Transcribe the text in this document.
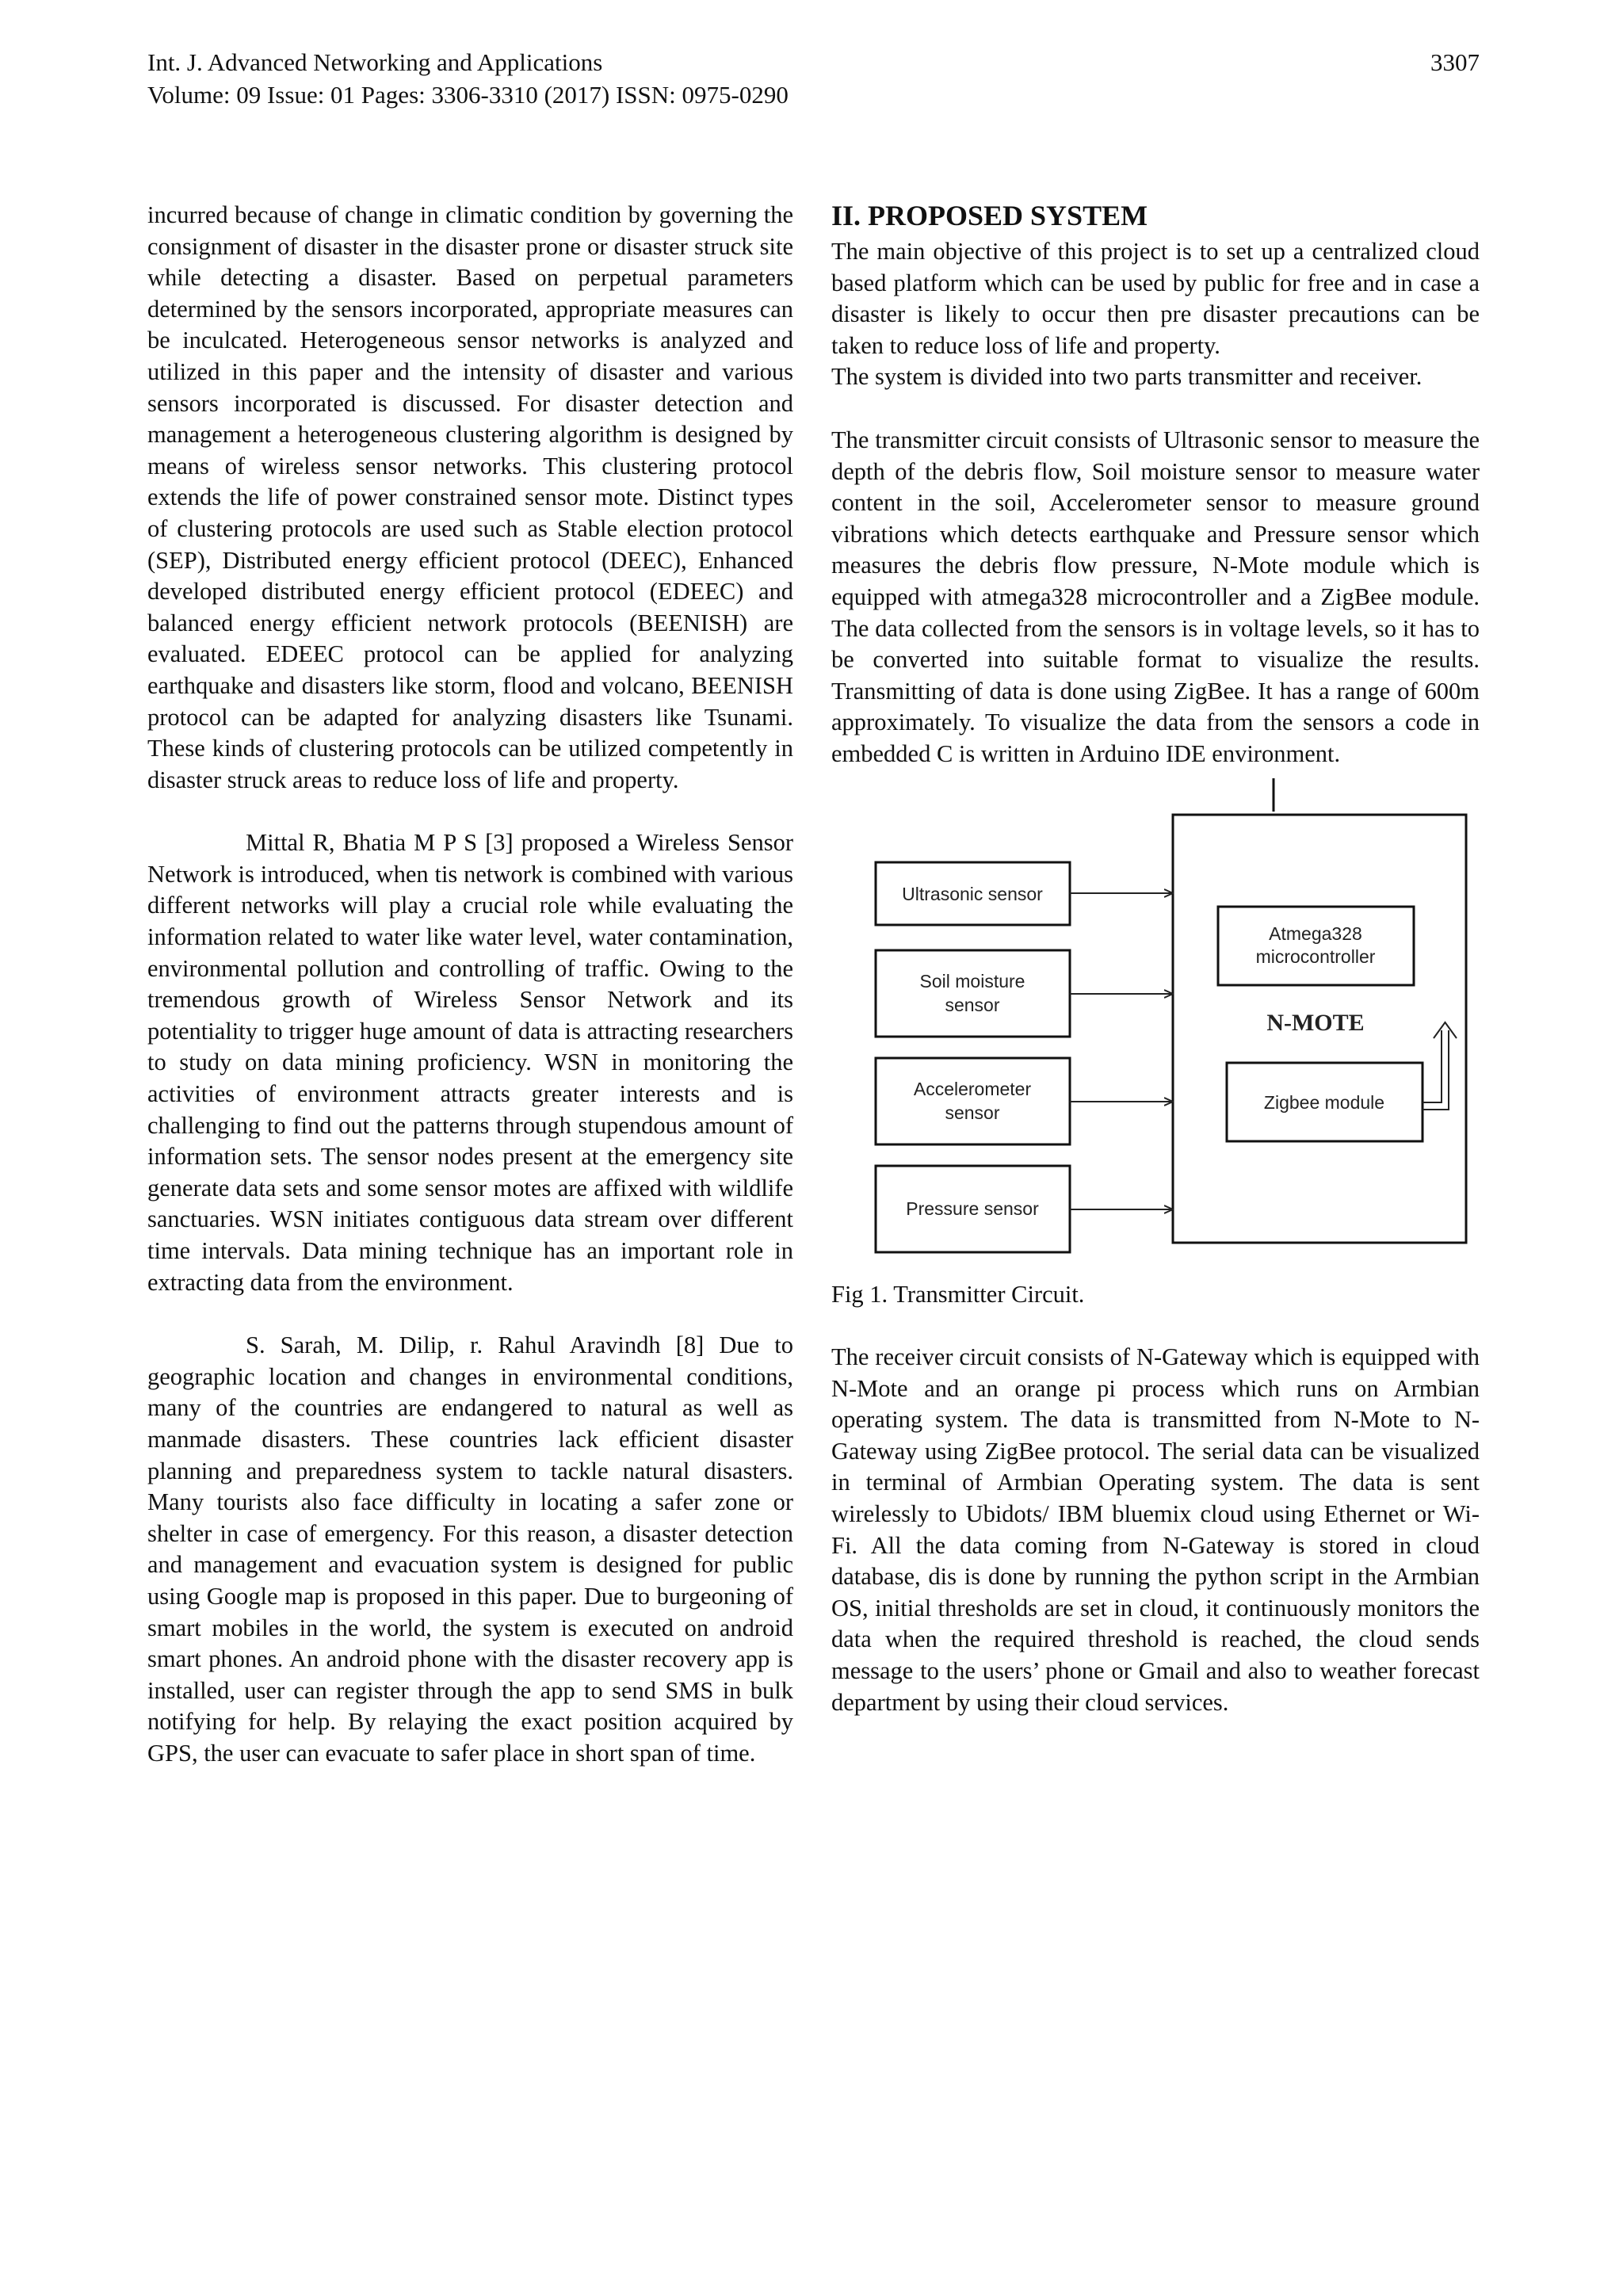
Int. J. Advanced Networking and Applications
Volume: 09 Issue: 01 Pages: 3306-3310 (2017) ISSN: 0975-0290
3307

incurred because of change in climatic condition by governing the consignment of disaster in the disaster prone or disaster struck site while detecting a disaster. Based on perpetual parameters determined by the sensors incorporated, appropriate measures can be inculcated. Heterogeneous sensor networks is analyzed and utilized in this paper and the intensity of disaster and various sensors incorporated is discussed. For disaster detection and management a heterogeneous clustering algorithm is designed by means of wireless sensor networks. This clustering protocol extends the life of power constrained sensor mote. Distinct types of clustering protocols are used such as Stable election protocol (SEP), Distributed energy efficient protocol (DEEC), Enhanced developed distributed energy efficient protocol (EDEEC) and balanced energy efficient network protocols (BEENISH) are evaluated. EDEEC protocol can be applied for analyzing earthquake and disasters like storm, flood and volcano, BEENISH protocol can be adapted for analyzing disasters like Tsunami. These kinds of clustering protocols can be utilized competently in disaster struck areas to reduce loss of life and property.

Mittal R, Bhatia M P S [3] proposed a Wireless Sensor Network is introduced, when tis network is combined with various different networks will play a crucial role while evaluating the information related to water like water level, water contamination, environmental pollution and controlling of traffic. Owing to the tremendous growth of Wireless Sensor Network and its potentiality to trigger huge amount of data is attracting researchers to study on data mining proficiency. WSN in monitoring the activities of environment attracts greater interests and is challenging to find out the patterns through stupendous amount of information sets. The sensor nodes present at the emergency site generate data sets and some sensor motes are affixed with wildlife sanctuaries. WSN initiates contiguous data stream over different time intervals. Data mining technique has an important role in extracting data from the environment.

S. Sarah, M. Dilip, r. Rahul Aravindh [8] Due to geographic location and changes in environmental conditions, many of the countries are endangered to natural as well as manmade disasters. These countries lack efficient disaster planning and preparedness system to tackle natural disasters. Many tourists also face difficulty in locating a safer zone or shelter in case of emergency. For this reason, a disaster detection and management and evacuation system is designed for public using Google map is proposed in this paper. Due to burgeoning of smart mobiles in the world, the system is executed on android smart phones. An android phone with the disaster recovery app is installed, user can register through the app to send SMS in bulk notifying for help. By relaying the exact position acquired by GPS, the user can evacuate to safer place in short span of time.

II. PROPOSED SYSTEM

The main objective of this project is to set up a centralized cloud based platform which can be used by public for free and in case a disaster is likely to occur then pre disaster precautions can be taken to reduce loss of life and property.

The system is divided into two parts transmitter and receiver.

The transmitter circuit consists of Ultrasonic sensor to measure the depth of the debris flow, Soil moisture sensor to measure water content in the soil, Accelerometer sensor to measure ground vibrations which detects earthquake and Pressure sensor which measures the debris flow pressure, N-Mote module which is equipped with atmega328 microcontroller and a ZigBee module. The data collected from the sensors is in voltage levels, so it has to be converted into suitable format to visualize the results. Transmitting of data is done using ZigBee. It has a range of 600m approximately. To visualize the data from the sensors a code in embedded C is written in Arduino IDE environment.

Ultrasonic sensor
Soil moisture
sensor
Accelerometer
sensor
Pressure sensor
Atmega328
microcontroller
Zigbee module
N-MOTE

Fig 1. Transmitter Circuit.

The receiver circuit consists of N-Gateway which is equipped with N-Mote and an orange pi process which runs on Armbian operating system. The data is transmitted from N-Mote to N-Gateway using ZigBee protocol. The serial data can be visualized in terminal of Armbian Operating system. The data is sent wirelessly to Ubidots/ IBM bluemix cloud using Ethernet or Wi-Fi. All the data coming from N-Gateway is stored in cloud database, dis is done by running the python script in the Armbian OS, initial thresholds are set in cloud, it continuously monitors the data when the required threshold is reached, the cloud sends message to the users’ phone or Gmail and also to weather forecast department by using their cloud services.
